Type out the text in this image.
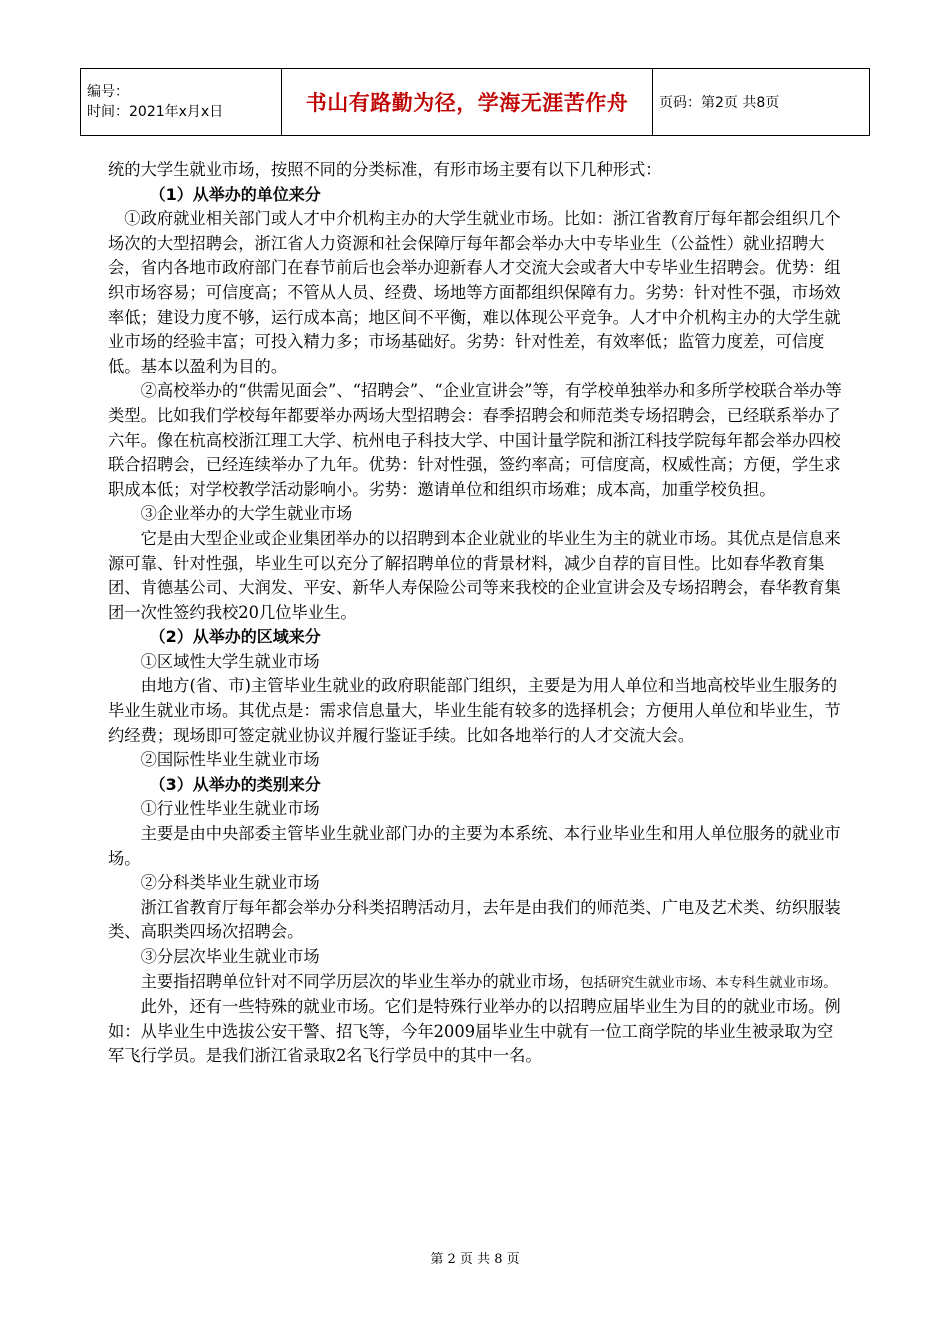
编号：
时间：2021年x月x日	书山有路勤为径，学海无涯苦作舟	页码：第2页 共8页

统的大学生就业市场，按照不同的分类标准，有形市场主要有以下几种形式：

（1）从举办的单位来分

①政府就业相关部门或人才中介机构主办的大学生就业市场。比如：浙江省教育厅每年都会组织几个场次的大型招聘会，浙江省人力资源和社会保障厅每年都会举办大中专毕业生（公益性）就业招聘大会，省内各地市政府部门在春节前后也会举办迎新春人才交流大会或者大中专毕业生招聘会。优势：组织市场容易；可信度高；不管从人员、经费、场地等方面都组织保障有力。劣势：针对性不强，市场效率低；建设力度不够，运行成本高；地区间不平衡，难以体现公平竞争。人才中介机构主办的大学生就业市场的经验丰富；可投入精力多；市场基础好。劣势：针对性差，有效率低；监管力度差，可信度低。基本以盈利为目的。

②高校举办的“供需见面会”、“招聘会”、“企业宣讲会”等，有学校单独举办和多所学校联合举办等类型。比如我们学校每年都要举办两场大型招聘会：春季招聘会和师范类专场招聘会，已经联系举办了六年。像在杭高校浙江理工大学、杭州电子科技大学、中国计量学院和浙江科技学院每年都会举办四校联合招聘会，已经连续举办了九年。优势：针对性强，签约率高；可信度高，权威性高；方便，学生求职成本低；对学校教学活动影响小。劣势：邀请单位和组织市场难；成本高，加重学校负担。

③企业举办的大学生就业市场

它是由大型企业或企业集团举办的以招聘到本企业就业的毕业生为主的就业市场。其优点是信息来源可靠、针对性强，毕业生可以充分了解招聘单位的背景材料，减少自荐的盲目性。比如春华教育集团、肯德基公司、大润发、平安、新华人寿保险公司等来我校的企业宣讲会及专场招聘会，春华教育集团一次性签约我校20几位毕业生。

（2）从举办的区域来分

①区域性大学生就业市场

由地方(省、市)主管毕业生就业的政府职能部门组织，主要是为用人单位和当地高校毕业生服务的毕业生就业市场。其优点是：需求信息量大，毕业生能有较多的选择机会；方便用人单位和毕业生，节约经费；现场即可签定就业协议并履行鉴证手续。比如各地举行的人才交流大会。

②国际性毕业生就业市场

（3）从举办的类别来分

①行业性毕业生就业市场

主要是由中央部委主管毕业生就业部门办的主要为本系统、本行业毕业生和用人单位服务的就业市场。

②分科类毕业生就业市场

浙江省教育厅每年都会举办分科类招聘活动月，去年是由我们的师范类、广电及艺术类、纺织服装类、高职类四场次招聘会。

③分层次毕业生就业市场

主要指招聘单位针对不同学历层次的毕业生举办的就业市场，包括研究生就业市场、本专科生就业市场。

此外，还有一些特殊的就业市场。它们是特殊行业举办的以招聘应届毕业生为目的的就业市场。例如：从毕业生中选拔公安干警、招飞等，今年2009届毕业生中就有一位工商学院的毕业生被录取为空军飞行学员。是我们浙江省录取2名飞行学员中的其中一名。

第 2 页 共 8 页
